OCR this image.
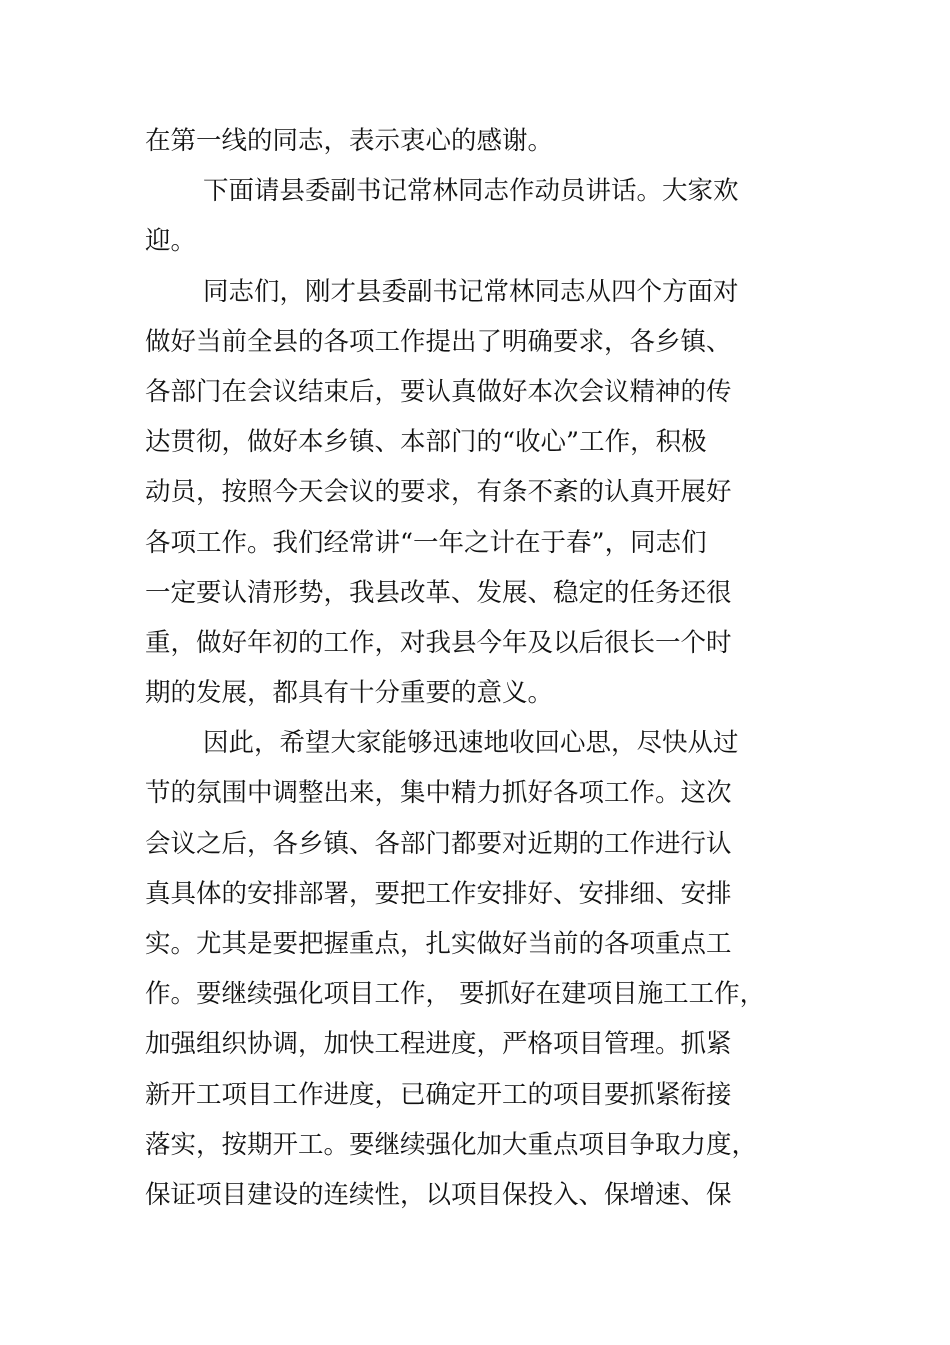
在第一线的同志，表示衷心的感谢。
下面请县委副书记常林同志作动员讲话。大家欢
迎。
同志们，刚才县委副书记常林同志从四个方面对
做好当前全县的各项工作提出了明确要求，各乡镇、
各部门在会议结束后，要认真做好本次会议精神的传
达贯彻，做好本乡镇、本部门的“收心”工作，积极
动员，按照今天会议的要求，有条不紊的认真开展好
各项工作。我们经常讲“一年之计在于春”，同志们
一定要认清形势，我县改革、发展、稳定的任务还很
重，做好年初的工作，对我县今年及以后很长一个时
期的发展，都具有十分重要的意义。
因此，希望大家能够迅速地收回心思，尽快从过
节的氛围中调整出来，集中精力抓好各项工作。这次
会议之后，各乡镇、各部门都要对近期的工作进行认
真具体的安排部署，要把工作安排好、安排细、安排
实。尤其是要把握重点，扎实做好当前的各项重点工
作。要继续强化项目工作， 要抓好在建项目施工工作，
加强组织协调，加快工程进度，严格项目管理。抓紧
新开工项目工作进度，已确定开工的项目要抓紧衔接
落实，按期开工。要继续强化加大重点项目争取力度，
保证项目建设的连续性，以项目保投入、保增速、保
